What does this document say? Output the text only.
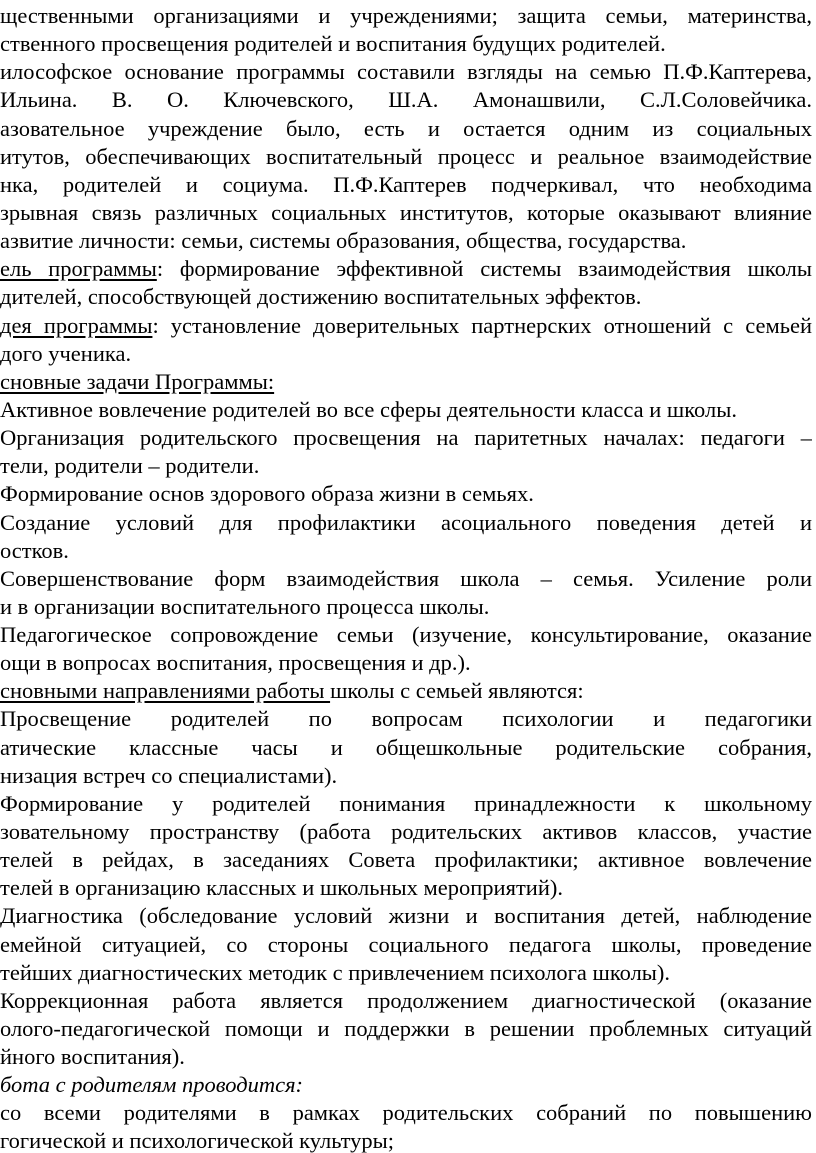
щественными организациями и учреждениями; защита семьи, материнства,
ственного просвещения родителей и воспитания будущих родителей.
илософское основание программы составили взгляды на семью П.Ф.Каптерева,
Ильина. В. О. Ключевского, Ш.А. Амонашвили, С.Л.Соловейчика.
азовательное учреждение было, есть и остается одним из социальных
итутов, обеспечивающих воспитательный процесс и реальное взаимодействие
нка, родителей и социума. П.Ф.Каптерев подчеркивал, что необходима
зрывная связь различных социальных институтов, которые оказывают влияние
азвитие личности: семьи, системы образования, общества, государства.
ель программы: формирование эффективной системы взаимодействия школы
дителей, способствующей достижению воспитательных эффектов.
дея программы: установление доверительных партнерских отношений с семьей
дого ученика.
сновные задачи Программы:
Активное вовлечение родителей во все сферы деятельности класса и школы.
Организация родительского просвещения на паритетных началах: педагоги –
тели, родители – родители.
Формирование основ здорового образа жизни в семьях.
Создание условий для профилактики асоциального поведения детей и
остков.
Совершенствование форм взаимодействия школа – семья. Усиление роли
и в организации воспитательного процесса школы.
Педагогическое сопровождение семьи (изучение, консультирование, оказание
ощи в вопросах воспитания, просвещения и др.).
сновными направлениями работы школы с семьей являются:
Просвещение родителей по вопросам психологии и педагогики
атические классные часы и общешкольные родительские собрания,
низация встреч со специалистами).
Формирование у родителей понимания принадлежности к школьному
зовательному пространству (работа родительских активов классов, участие
телей в рейдах, в заседаниях Совета профилактики; активное вовлечение
телей в организацию классных и школьных мероприятий).
Диагностика (обследование условий жизни и воспитания детей, наблюдение
емейной ситуацией, со стороны социального педагога школы, проведение
тейших диагностических методик с привлечением психолога школы).
Коррекционная работа является продолжением диагностической (оказание
олого-педагогической помощи и поддержки в решении проблемных ситуаций
йного воспитания).
бота с родителям проводится:
со всеми родителями в рамках родительских собраний по повышению
гогической и психологической культуры;
